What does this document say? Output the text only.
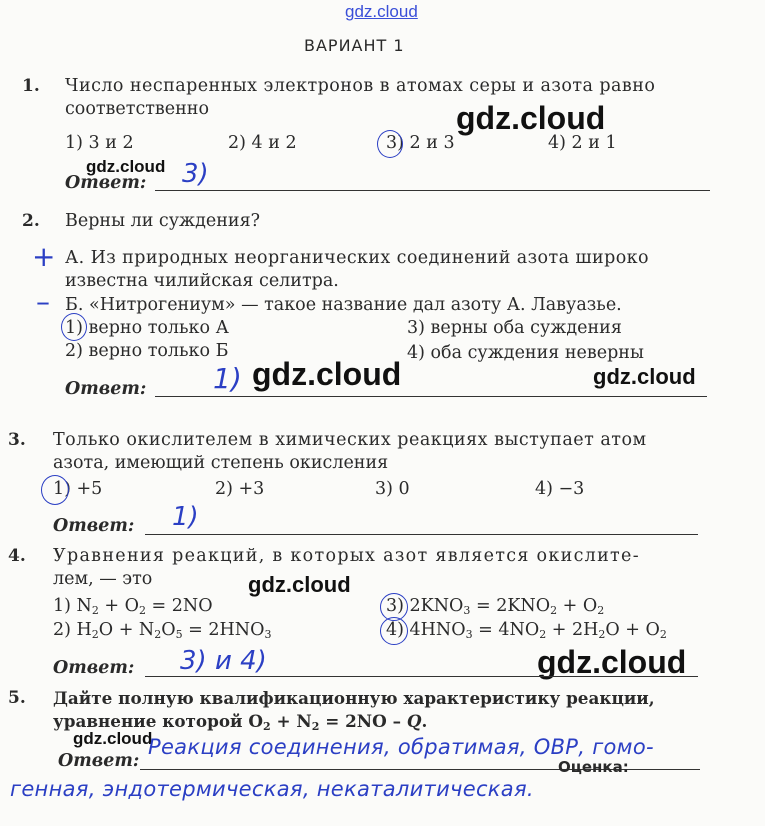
gdz.cloud
gdz.cloud
gdz.cloud
gdz.cloud	gdz.cloud
gdz.cloud
gdz.cloud
gdz.cloud
ВАРИАНТ 1
1. Число неспаренных электронов в атомах серы и азота равно
соответственно
1) 3 и 2	2) 4 и 2	3) 2 и 3	4) 2 и 1
Ответ: 3)
2. Верны ли суждения?
+ А. Из природных неорганических соединений азота широко
известна чилийская селитра.
– Б. «Нитрогениум» — такое название дал азоту А. Лавуазье.
1) верно только А	3) верны оба суждения
2) верно только Б	4) оба суждения неверны
Ответ: 1)
3. Только окислителем в химических реакциях выступает атом
азота, имеющий степень окисления
1) +5	2) +3	3) 0	4) −3
Ответ: 1)
4. Уравнения реакций, в которых азот является окислите-
лем, — это
1) $N_2 + O_2 = 2NO$
2) $H_2O + N_2O_5 = 2HNO_3$
3) $2KNO_3 = 2KNO_2 + O_2$
4) $4HNO_3 = 4NO_2 + 2H_2O + O_2$
Ответ: 3) и 4)
5. Дайте полную квалификационную характеристику реакции,
уравнение которой $O_2 + N_2 = 2NO - Q$.
Ответ:	Оценка:
Реакция соединения, обратимая, ОВР, гомо-
генная, эндотермическая, некаталитическая.
